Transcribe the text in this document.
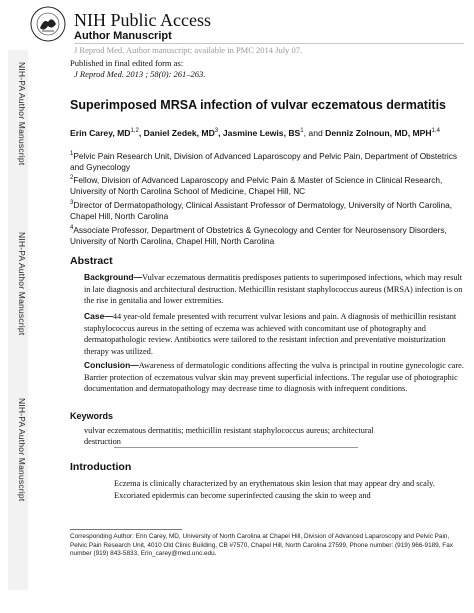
NIH-PA Author Manuscript
NIH-PA Author Manuscript
NIH-PA Author Manuscript
NIH Public Access
Author Manuscript
J Reprod Med. Author manuscript; available in PMC 2014 July 07.
Published in final edited form as:
J Reprod Med. 2013 ; 58(0): 261–263.
Superimposed MRSA infection of vulvar eczematous dermatitis
Erin Carey, MD$^{1,2}$, Daniel Zedek, $MD^3$, Jasmine Lewis, $BS^1$, and Denniz Zolnoun, MD, MPH$^{1,4}$
$^1$Pelvic Pain Research Unit, Division of Advanced Laparoscopy and Pelvic Pain, Department of Obstetrics and Gynecology
$^2$Fellow, Division of Advanced Laparoscopy and Pelvic Pain & Master of Science in Clinical Research, University of North Carolina School of Medicine, Chapel Hill, NC
$^3$Director of Dermatopathology, Clinical Assistant Professor of Dermatology, University of North Carolina, Chapel Hill, North Carolina
$^4$Associate Professor, Department of Obstetrics & Gynecology and Center for Neurosensory Disorders, University of North Carolina, Chapel Hill, North Carolina
Abstract
Background—Vulvar eczematous dermatitis predisposes patients to superimposed infections, which may result in late diagnosis and architectural destruction. Methicillin resistant staphylococcus aureus (MRSA) infection is on the rise in genitalia and lower extremities.
Case—44 year-old female presented with recurrent vulvar lesions and pain. A diagnosis of methicillin resistant staphylococcus aureus in the setting of eczema was achieved with concomitant use of photography and dermatopathologic review. Antibiotics were tailored to the resistant infection and preventative moisturization therapy was utilized.
Conclusion—Awareness of dermatologic conditions affecting the vulva is principal in routine gynecologic care. Barrier protection of eczematous vulvar skin may prevent superficial infections. The regular use of photographic documentation and dermatopathology may decrease time to diagnosis with infrequent conditions.
Keywords
vulvar eczematous dermatitis; methicillin resistant staphylococcus aureus; architectural destruction
Introduction
Eczema is clinically characterized by an erythematous skin lesion that may appear dry and scaly. Excoriated epidermis can become superinfected causing the skin to weep and
Corresponding Author: Erin Carey, MD, University of North Carolina at Chapel Hill, Division of Advanced Laparoscopy and Pelvic Pain, Pelvic Pain Research Unit, 4010 Old Clinic Building, CB #7570, Chapel Hill, North Carolina 27599, Phone number: (919) 966-9189, Fax number (919) 843-5833, Erin_carey@med.unc.edu.
